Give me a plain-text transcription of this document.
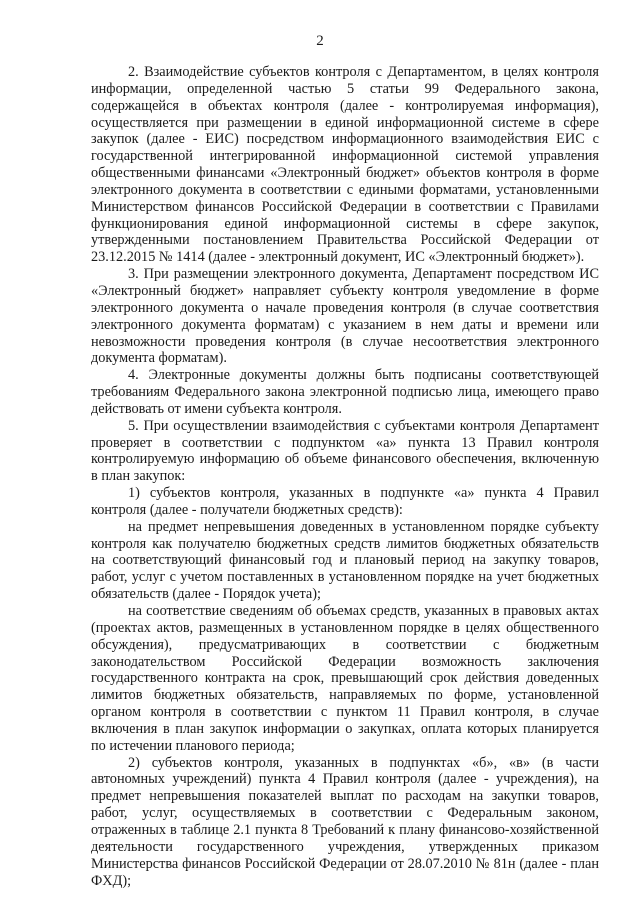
2

2. Взаимодействие субъектов контроля с Департаментом, в целях контроля информации, определенной частью 5 статьи 99 Федерального закона, содержащейся в объектах контроля (далее - контролируемая информация), осуществляется при размещении в единой информационной системе в сфере закупок (далее - ЕИС) посредством информационного взаимодействия ЕИС с государственной интегрированной информационной системой управления общественными финансами «Электронный бюджет» объектов контроля в форме электронного документа в соответствии с едиными форматами, установленными Министерством финансов Российской Федерации в соответствии с Правилами функционирования единой информационной системы в сфере закупок, утвержденными постановлением Правительства Российской Федерации от 23.12.2015 № 1414 (далее - электронный документ, ИС «Электронный бюджет»).

3. При размещении электронного документа, Департамент посредством ИС «Электронный бюджет» направляет субъекту контроля уведомление в форме электронного документа о начале проведения контроля (в случае соответствия электронного документа форматам) с указанием в нем даты и времени или невозможности проведения контроля (в случае несоответствия электронного документа форматам).

4. Электронные документы должны быть подписаны соответствующей требованиям Федерального закона электронной подписью лица, имеющего право действовать от имени субъекта контроля.

5. При осуществлении взаимодействия с субъектами контроля Департамент проверяет в соответствии с подпунктом «а» пункта 13 Правил контроля контролируемую информацию об объеме финансового обеспечения, включенную в план закупок:

1) субъектов контроля, указанных в подпункте «а» пункта 4 Правил контроля (далее - получатели бюджетных средств):

на предмет непревышения доведенных в установленном порядке субъекту контроля как получателю бюджетных средств лимитов бюджетных обязательств на соответствующий финансовый год и плановый период на закупку товаров, работ, услуг с учетом поставленных в установленном порядке на учет бюджетных обязательств (далее - Порядок учета);

на соответствие сведениям об объемах средств, указанных в правовых актах (проектах актов, размещенных в установленном порядке в целях общественного обсуждения), предусматривающих в соответствии с бюджетным законодательством Российской Федерации возможность заключения государственного контракта на срок, превышающий срок действия доведенных лимитов бюджетных обязательств, направляемых по форме, установленной органом контроля в соответствии с пунктом 11 Правил контроля, в случае включения в план закупок информации о закупках, оплата которых планируется по истечении планового периода;

2) субъектов контроля, указанных в подпунктах «б», «в» (в части автономных учреждений) пункта 4 Правил контроля (далее - учреждения), на предмет непревышения показателей выплат по расходам на закупки товаров, работ, услуг, осуществляемых в соответствии с Федеральным законом, отраженных в таблице 2.1 пункта 8 Требований к плану финансово-хозяйственной деятельности государственного учреждения, утвержденных приказом Министерства финансов Российской Федерации от 28.07.2010 № 81н (далее - план ФХД);
